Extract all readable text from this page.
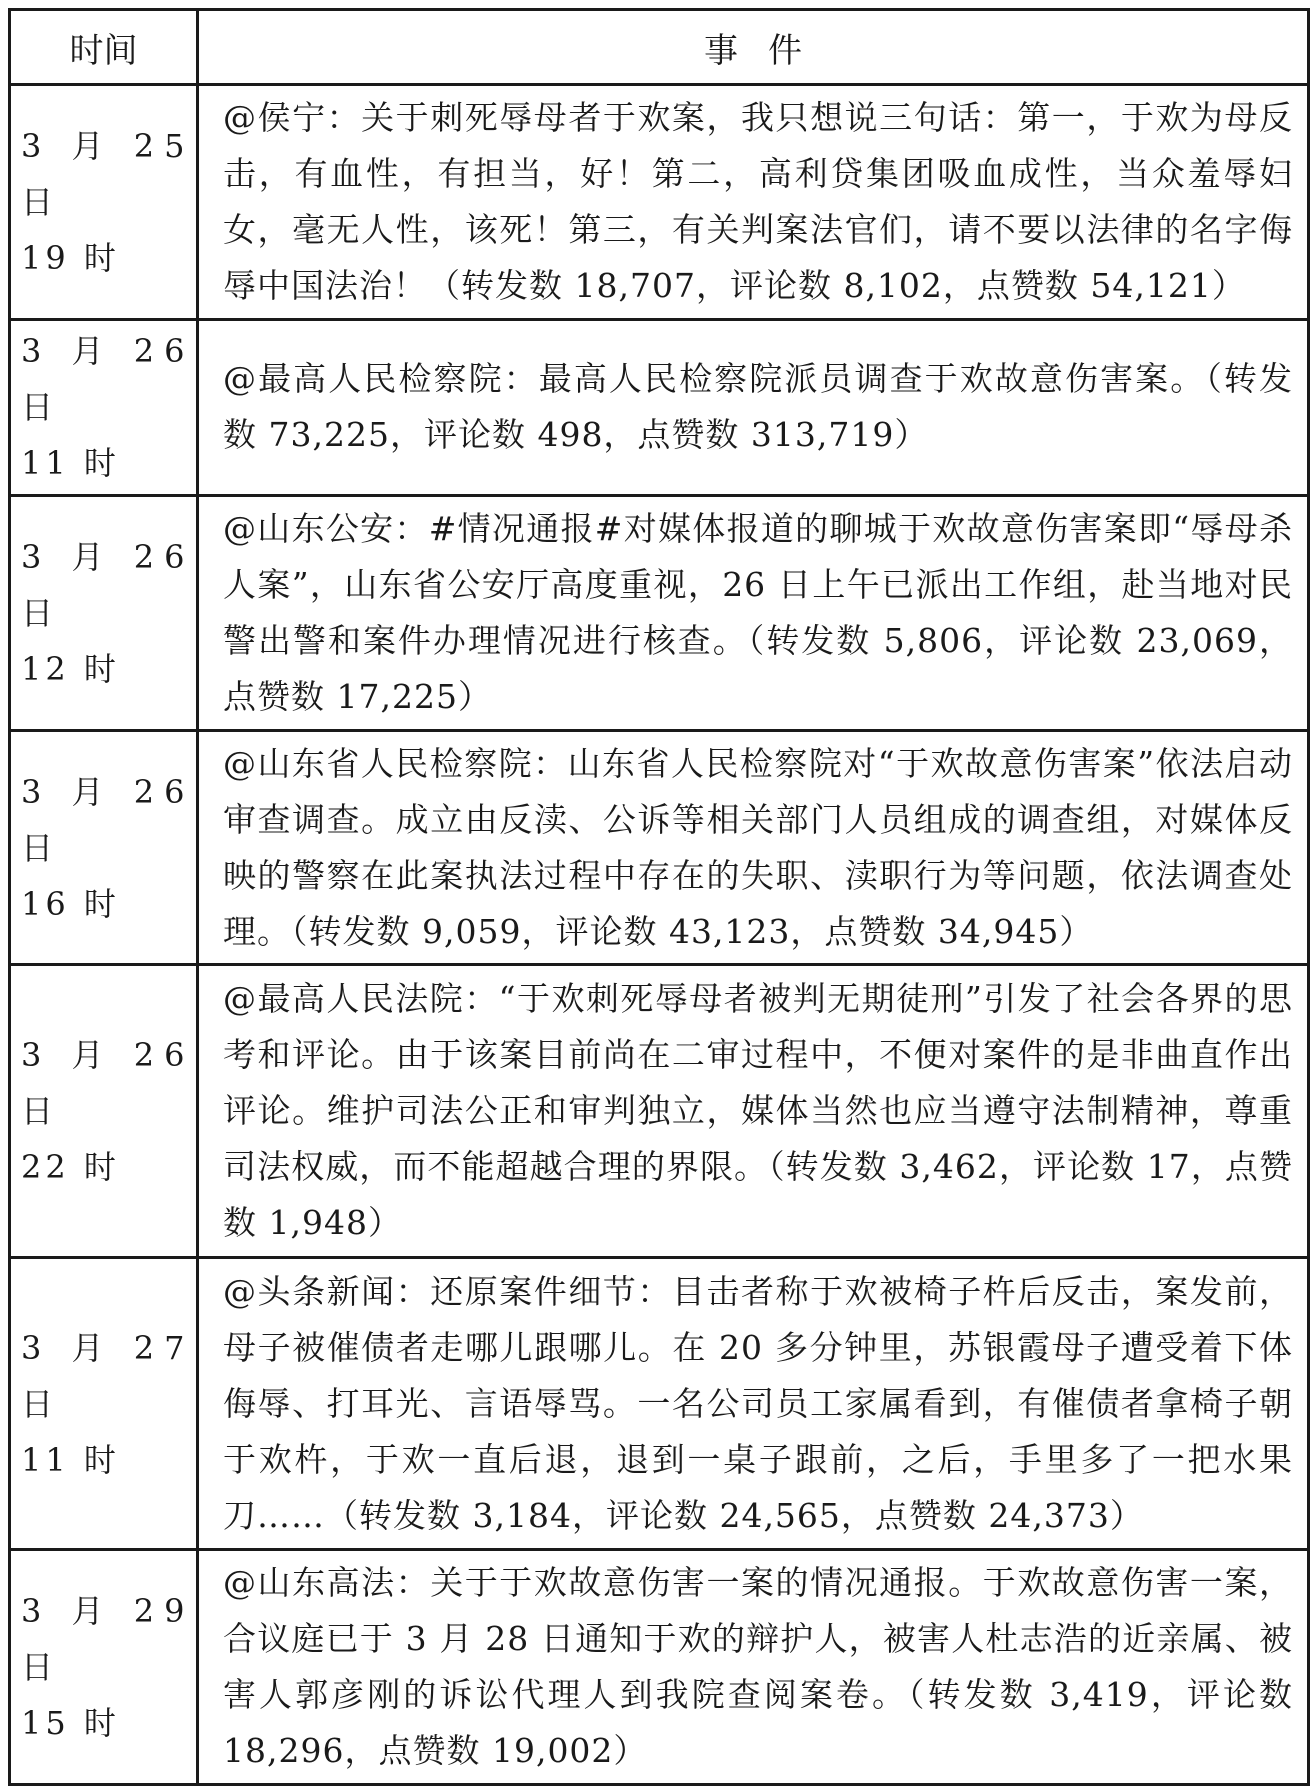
时间	事件

3 月 25 日
19 时	@侯宁：关于刺死辱母者于欢案，我只想说三句话：第一，于欢为母反击，有血性，有担当，好！第二，高利贷集团吸血成性，当众羞辱妇女，毫无人性，该死！第三，有关判案法官们，请不要以法律的名字侮辱中国法治！（转发数 18,707，评论数 8,102，点赞数 54,121）

3 月 26 日
11 时	@最高人民检察院：最高人民检察院派员调查于欢故意伤害案。（转发数 73,225，评论数 498，点赞数 313,719）

3 月 26 日
12 时	@山东公安：#情况通报#对媒体报道的聊城于欢故意伤害案即“辱母杀人案”，山东省公安厅高度重视，26 日上午已派出工作组，赴当地对民警出警和案件办理情况进行核查。（转发数 5,806，评论数 23,069，点赞数 17,225）

3 月 26 日
16 时	@山东省人民检察院：山东省人民检察院对“于欢故意伤害案”依法启动审查调查。成立由反渎、公诉等相关部门人员组成的调查组，对媒体反映的警察在此案执法过程中存在的失职、渎职行为等问题，依法调查处理。（转发数 9,059，评论数 43,123，点赞数 34,945）

3 月 26 日
22 时	@最高人民法院：“于欢刺死辱母者被判无期徒刑”引发了社会各界的思考和评论。由于该案目前尚在二审过程中，不便对案件的是非曲直作出评论。维护司法公正和审判独立，媒体当然也应当遵守法制精神，尊重司法权威，而不能超越合理的界限。（转发数 3,462，评论数 17，点赞数 1,948）

3 月 27 日
11 时	@头条新闻：还原案件细节：目击者称于欢被椅子杵后反击，案发前，母子被催债者走哪儿跟哪儿。在 20 多分钟里，苏银霞母子遭受着下体侮辱、打耳光、言语辱骂。一名公司员工家属看到，有催债者拿椅子朝于欢杵，于欢一直后退，退到一桌子跟前，之后，手里多了一把水果刀……（转发数 3,184，评论数 24,565，点赞数 24,373）

3 月 29 日
15 时	@山东高法：关于于欢故意伤害一案的情况通报。于欢故意伤害一案，合议庭已于 3 月 28 日通知于欢的辩护人，被害人杜志浩的近亲属、被害人郭彦刚的诉讼代理人到我院查阅案卷。（转发数 3,419，评论数 18,296，点赞数 19,002）
